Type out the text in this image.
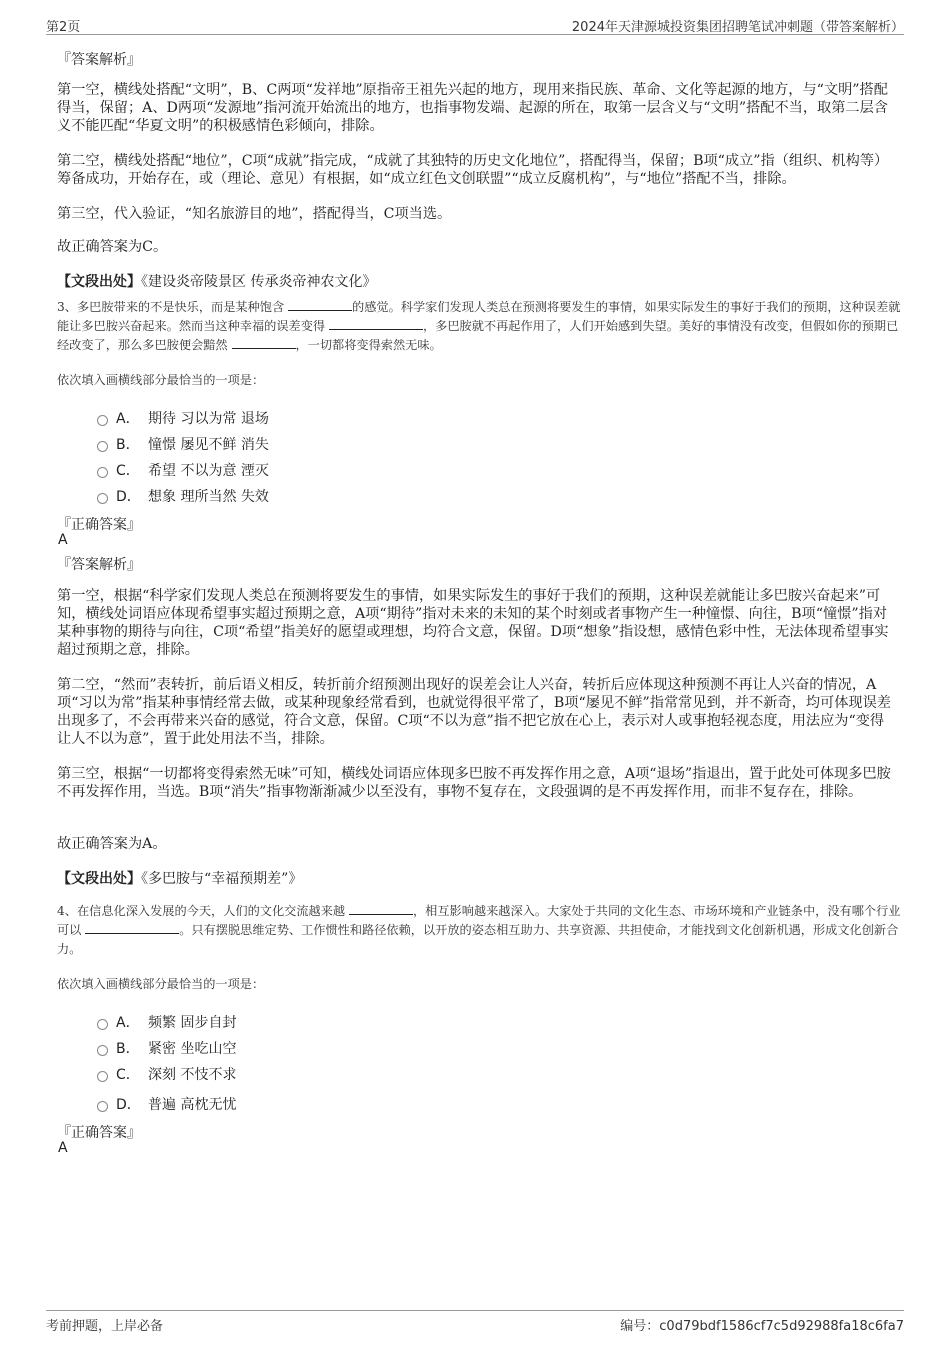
第2页	2024年天津源城投资集团招聘笔试冲刺题（带答案解析）
『答案解析』

第一空，横线处搭配“文明”，B、C两项“发祥地”原指帝王祖先兴起的地方，现用来指民族、革命、文化等起源的地方，与“文明”搭配得当，保留；A、D两项“发源地”指河流开始流出的地方，也指事物发端、起源的所在，取第一层含义与“文明”搭配不当，取第二层含义不能匹配“华夏文明”的积极感情色彩倾向，排除。

第二空，横线处搭配“地位”，C项“成就”指完成，“成就了其独特的历史文化地位”，搭配得当，保留；B项“成立”指（组织、机构等）筹备成功，开始存在，或（理论、意见）有根据，如“成立红色文创联盟”“成立反腐机构”，与“地位”搭配不当，排除。

第三空，代入验证，“知名旅游目的地”，搭配得当，C项当选。

故正确答案为C。

【文段出处】《建设炎帝陵景区 传承炎帝神农文化》

3、多巴胺带来的不是快乐，而是某种饱含	的感觉。科学家们发现人类总在预测将要发生的事情，如果实际发生的事好于我们的预期，这种误差就能让多巴胺兴奋起来。然而当这种幸福的误差变得	，多巴胺就不再起作用了，人们开始感到失望。美好的事情没有改变，但假如你的预期已经改变了，那么多巴胺便会黯然	，一切都将变得索然无味。

依次填入画横线部分最恰当的一项是：
A． 期待 习以为常 退场
B． 憧憬 屡见不鲜 消失
C． 希望 不以为意 湮灭
D． 想象 理所当然 失效
『正确答案』
A
『答案解析』

第一空，根据“科学家们发现人类总在预测将要发生的事情，如果实际发生的事好于我们的预期，这种误差就能让多巴胺兴奋起来”可知，横线处词语应体现希望事实超过预期之意，A项“期待”指对未来的未知的某个时刻或者事物产生一种憧憬、向往，B项“憧憬”指对某种事物的期待与向往，C项“希望”指美好的愿望或理想，均符合文意，保留。D项“想象”指设想，感情色彩中性，无法体现希望事实超过预期之意，排除。

第二空，“然而”表转折，前后语义相反，转折前介绍预测出现好的误差会让人兴奋，转折后应体现这种预测不再让人兴奋的情况，A项“习以为常”指某种事情经常去做，或某种现象经常看到，也就觉得很平常了，B项“屡见不鲜”指常常见到，并不新奇，均可体现误差出现多了，不会再带来兴奋的感觉，符合文意，保留。C项“不以为意”指不把它放在心上，表示对人或事抱轻视态度，用法应为“变得让人不以为意”，置于此处用法不当，排除。

第三空，根据“一切都将变得索然无味”可知，横线处词语应体现多巴胺不再发挥作用之意，A项“退场”指退出，置于此处可体现多巴胺不再发挥作用，当选。B项“消失”指事物渐渐减少以至没有，事物不复存在，文段强调的是不再发挥作用，而非不复存在，排除。

故正确答案为A。

【文段出处】《多巴胺与“幸福预期差”》

4、在信息化深入发展的今天，人们的文化交流越来越	，相互影响越来越深入。大家处于共同的文化生态、市场环境和产业链条中，没有哪个行业可以	。只有摆脱思维定势、工作惯性和路径依赖，以开放的姿态相互助力、共享资源、共担使命，才能找到文化创新机遇，形成文化创新合力。

依次填入画横线部分最恰当的一项是：
A． 频繁 固步自封
B． 紧密 坐吃山空
C． 深刻 不忮不求
D． 普遍 高枕无忧
『正确答案』
A
考前押题，上岸必备	编号：c0d79bdf1586cf7c5d92988fa18c6fa7
